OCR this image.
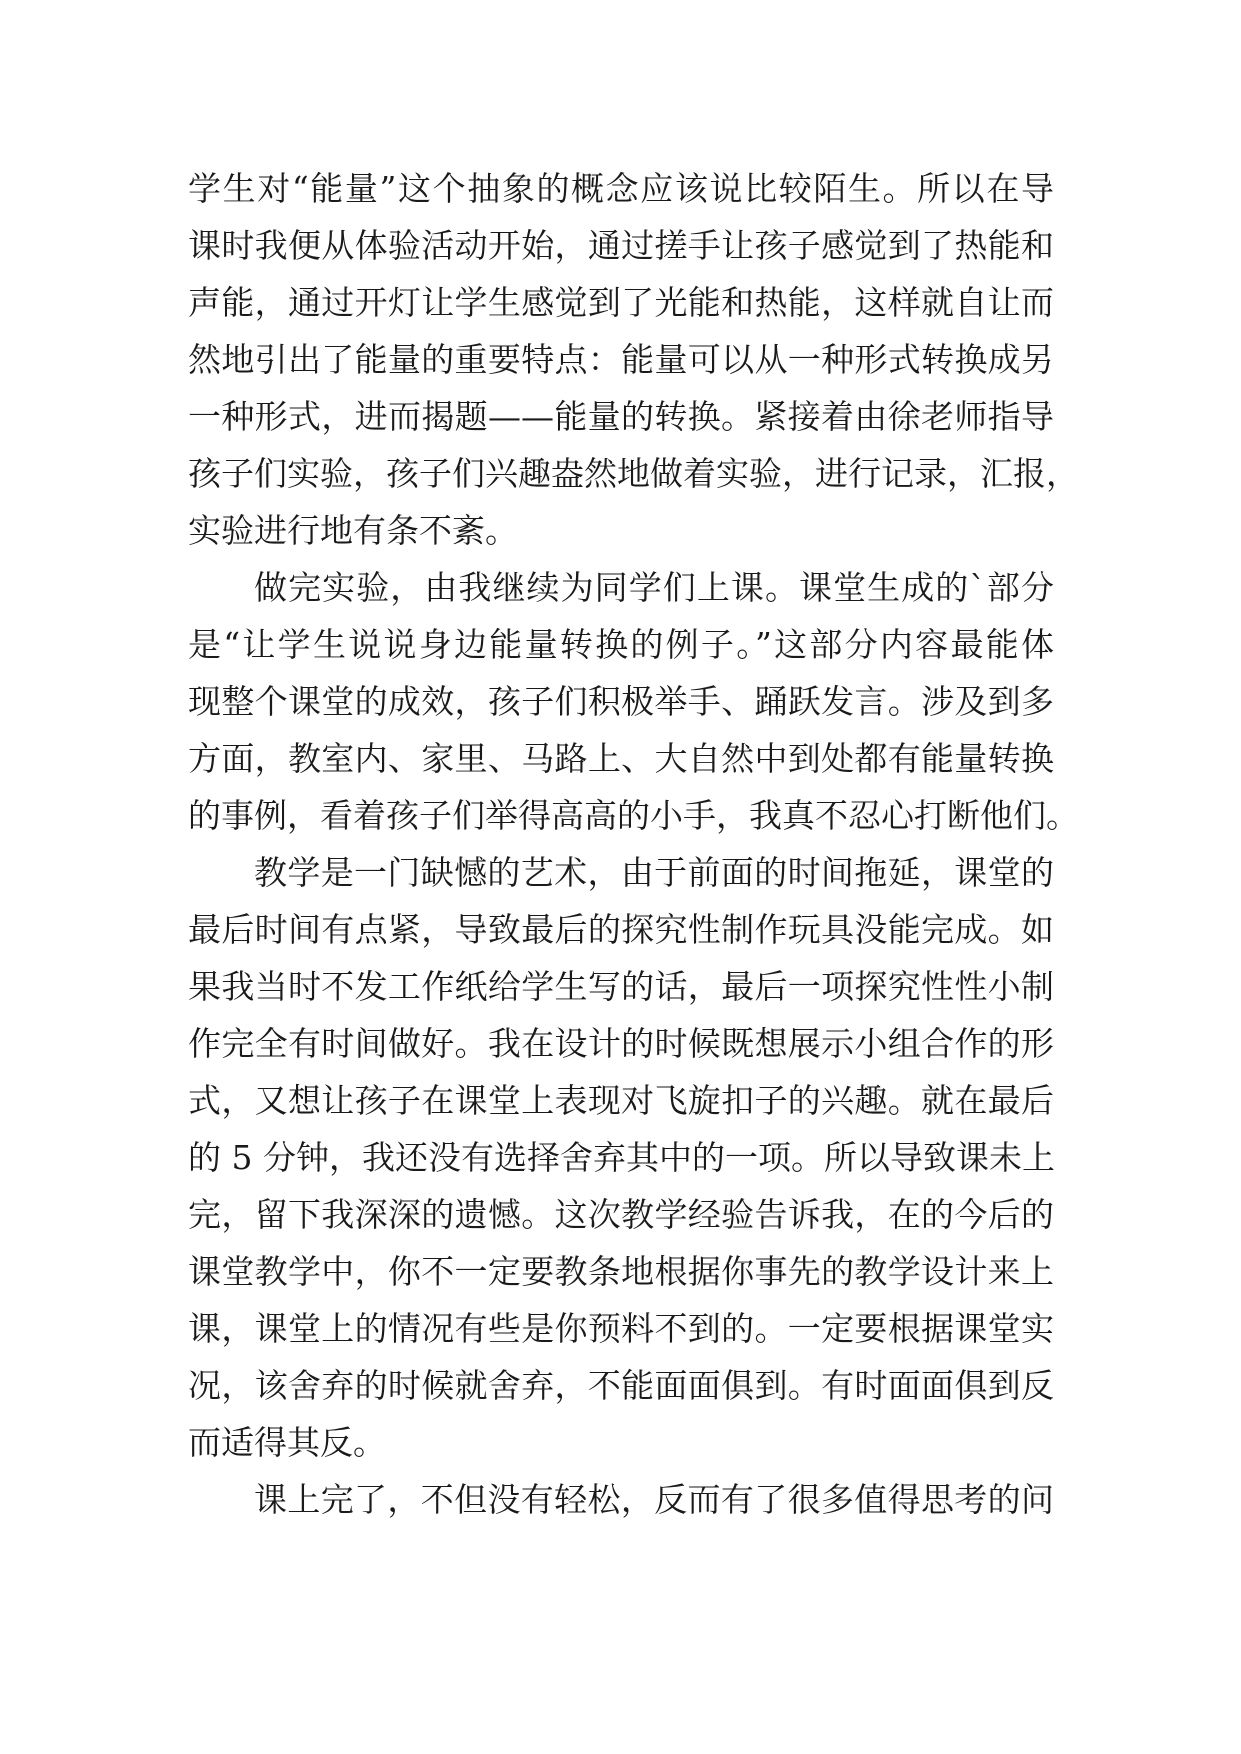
学生对“能量”这个抽象的概念应该说比较陌生。所以在导
课时我便从体验活动开始，通过搓手让孩子感觉到了热能和
声能，通过开灯让学生感觉到了光能和热能，这样就自让而
然地引出了能量的重要特点：能量可以从一种形式转换成另
一种形式，进而揭题——能量的转换。紧接着由徐老师指导
孩子们实验，孩子们兴趣盎然地做着实验，进行记录，汇报，
实验进行地有条不紊。
做完实验，由我继续为同学们上课。课堂生成的`部分
是“让学生说说身边能量转换的例子。”这部分内容最能体
现整个课堂的成效，孩子们积极举手、踊跃发言。涉及到多
方面，教室内、家里、马路上、大自然中到处都有能量转换
的事例，看着孩子们举得高高的小手，我真不忍心打断他们。
教学是一门缺憾的艺术，由于前面的时间拖延，课堂的
最后时间有点紧，导致最后的探究性制作玩具没能完成。如
果我当时不发工作纸给学生写的话，最后一项探究性性小制
作完全有时间做好。我在设计的时候既想展示小组合作的形
式，又想让孩子在课堂上表现对飞旋扣子的兴趣。就在最后
的 5 分钟，我还没有选择舍弃其中的一项。所以导致课未上
完，留下我深深的遗憾。这次教学经验告诉我，在的今后的
课堂教学中，你不一定要教条地根据你事先的教学设计来上
课，课堂上的情况有些是你预料不到的。一定要根据课堂实
况，该舍弃的时候就舍弃，不能面面俱到。有时面面俱到反
而适得其反。
课上完了，不但没有轻松，反而有了很多值得思考的问
